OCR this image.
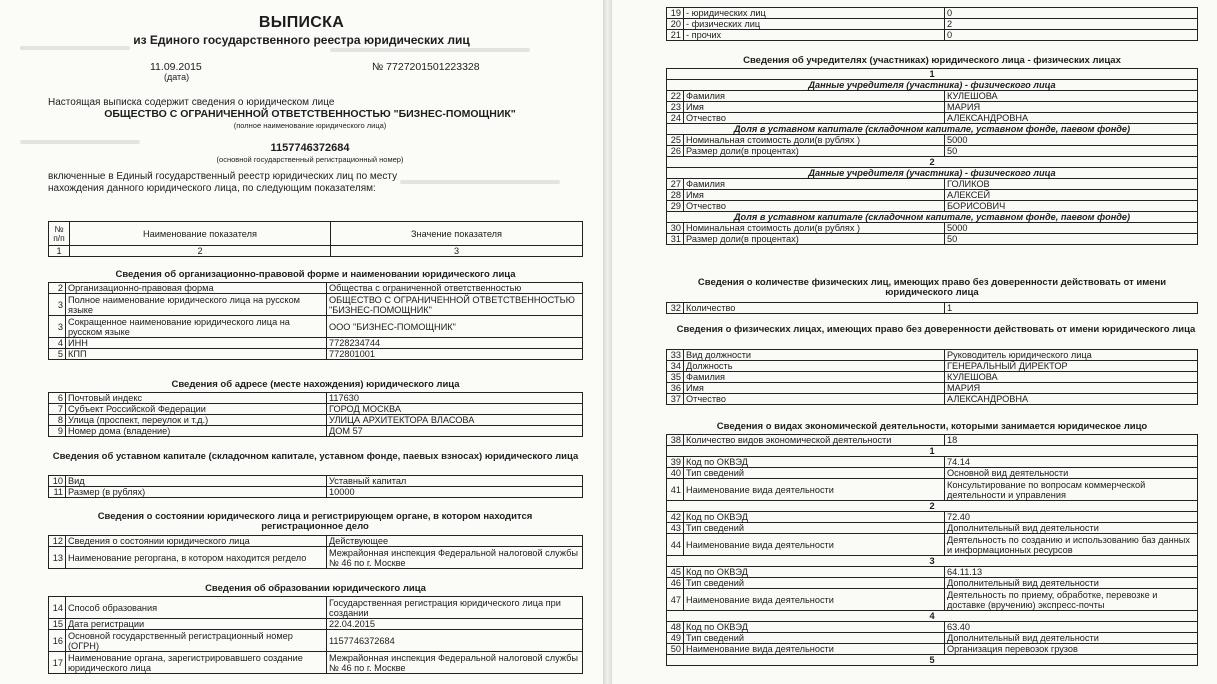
ВЫПИСКА
из Единого государственного реестра юридических лиц
11.09.2015
(дата)
№ 7727201501223328
Настоящая выписка содержит сведения о юридическом лице
ОБЩЕСТВО С ОГРАНИЧЕННОЙ ОТВЕТСТВЕННОСТЬЮ "БИЗНЕС-ПОМОЩНИК"
(полное наименование юридического лица)
1157746372684
(основной государственный регистрационный номер)
включенные в Единый государственный реестр юридических лиц по месту нахождения данного юридического лица, по следующим показателям:
№ п/п	Наименование показателя	Значение показателя
1	2	3
Сведения об организационно-правовой форме и наименовании юридического лица
2	Организационно-правовая форма	Общества с ограниченной ответственностью
3	Полное наименование юридического лица на русском языке	ОБЩЕСТВО С ОГРАНИЧЕННОЙ ОТВЕТСТВЕННОСТЬЮ "БИЗНЕС-ПОМОЩНИК"
3	Сокращенное наименование юридического лица на русском языке	ООО "БИЗНЕС-ПОМОЩНИК"
4	ИНН	7728234744
5	КПП	772801001
Сведения об адресе (месте нахождения) юридического лица
6	Почтовый индекс	117630
7	Субъект Российской Федерации	ГОРОД МОСКВА
8	Улица (проспект, переулок и т.д.)	УЛИЦА АРХИТЕКТОРА ВЛАСОВА
9	Номер дома (владение)	ДОМ 57
Сведения об уставном капитале (складочном капитале, уставном фонде, паевых взносах) юридического лица
10	Вид	Уставный капитал
11	Размер (в рублях)	10000
Сведения о состоянии юридического лица и регистрирующем органе, в котором находится регистрационное дело
12	Сведения о состоянии юридического лица	Действующее
13	Наименование регоргана, в котором находится регдело	Межрайонная инспекция Федеральной налоговой службы № 46 по г. Москве
Сведения об образовании юридического лица
14	Способ образования	Государственная регистрация юридического лица при создании
15	Дата регистрации	22.04.2015
16	Основной государственный регистрационный номер (ОГРН)	1157746372684
17	Наименование органа, зарегистрировавшего создание юридического лица	Межрайонная инспекция Федеральной налоговой службы № 46 по г. Москве
19	- юридических лиц	0
20	- физических лиц	2
21	- прочих	0
Сведения об учредителях (участниках) юридического лица - физических лицах
1		
Данные учредителя (участника) - физического лица		
22	Фамилия	КУЛЕШОВА
23	Имя	МАРИЯ
24	Отчество	АЛЕКСАНДРОВНА
Доля в уставном капитале (складочном капитале, уставном фонде, паевом фонде)		
25	Номинальная стоимость доли(в рублях )	5000
26	Размер доли(в процентах)	50
2		
Данные учредителя (участника) - физического лица		
27	Фамилия	ГОЛИКОВ
28	Имя	АЛЕКСЕЙ
29	Отчество	БОРИСОВИЧ
Доля в уставном капитале (складочном капитале, уставном фонде, паевом фонде)		
30	Номинальная стоимость доли(в рублях )	5000
31	Размер доли(в процентах)	50
Сведения о количестве физических лиц, имеющих право без доверенности действовать от имени юридического лица
32	Количество	1
Сведения о физических лицах, имеющих право без доверенности действовать от имени юридического лица
33	Вид должности	Руководитель юридического лица
34	Должность	ГЕНЕРАЛЬНЫЙ ДИРЕКТОР
35	Фамилия	КУЛЕШОВА
36	Имя	МАРИЯ
37	Отчество	АЛЕКСАНДРОВНА
Сведения о видах экономической деятельности, которыми занимается юридическое лицо
38	Количество видов экономической деятельности	18
1		
39	Код по ОКВЭД	74.14
40	Тип сведений	Основной вид деятельности
41	Наименование вида деятельности	Консультирование по вопросам коммерческой деятельности и управления
2		
42	Код по ОКВЭД	72.40
43	Тип сведений	Дополнительный вид деятельности
44	Наименование вида деятельности	Деятельность по созданию и использованию баз данных и информационных ресурсов
3		
45	Код по ОКВЭД	64.11.13
46	Тип сведений	Дополнительный вид деятельности
47	Наименование вида деятельности	Деятельность по приему, обработке, перевозке и доставке (вручению) экспресс-почты
4		
48	Код по ОКВЭД	63.40
49	Тип сведений	Дополнительный вид деятельности
50	Наименование вида деятельности	Организация перевозок грузов
5		
